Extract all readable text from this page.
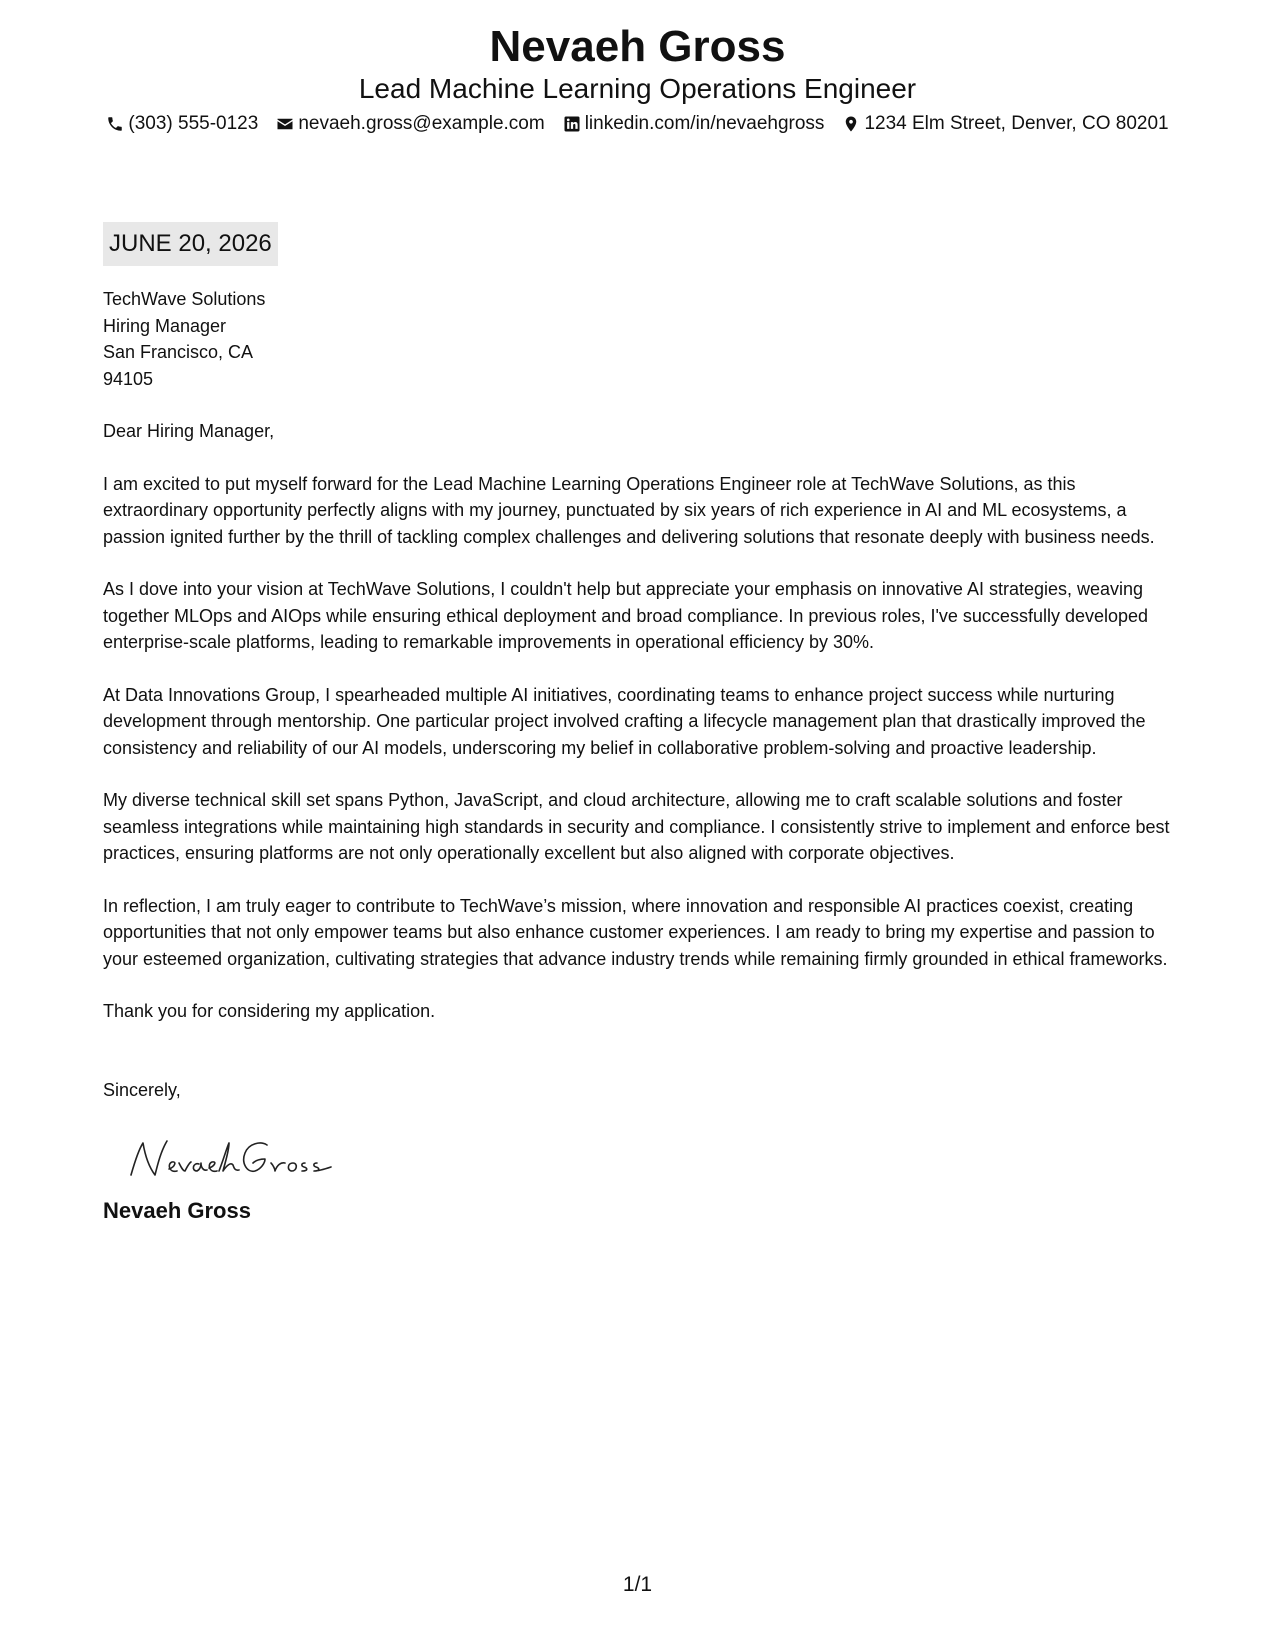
Nevaeh Gross
Lead Machine Learning Operations Engineer
(303) 555-0123 nevaeh.gross@example.com linkedin.com/in/nevaehgross 1234 Elm Street, Denver, CO 80201
JUNE 20, 2026
TechWave Solutions
Hiring Manager
San Francisco, CA
94105
Dear Hiring Manager,

I am excited to put myself forward for the Lead Machine Learning Operations Engineer role at TechWave Solutions, as this extraordinary opportunity perfectly aligns with my journey, punctuated by six years of rich experience in AI and ML ecosystems, a passion ignited further by the thrill of tackling complex challenges and delivering solutions that resonate deeply with business needs.

As I dove into your vision at TechWave Solutions, I couldn't help but appreciate your emphasis on innovative AI strategies, weaving together MLOps and AIOps while ensuring ethical deployment and broad compliance. In previous roles, I've successfully developed enterprise-scale platforms, leading to remarkable improvements in operational efficiency by 30%.

At Data Innovations Group, I spearheaded multiple AI initiatives, coordinating teams to enhance project success while nurturing development through mentorship. One particular project involved crafting a lifecycle management plan that drastically improved the consistency and reliability of our AI models, underscoring my belief in collaborative problem-solving and proactive leadership.

My diverse technical skill set spans Python, JavaScript, and cloud architecture, allowing me to craft scalable solutions and foster seamless integrations while maintaining high standards in security and compliance. I consistently strive to implement and enforce best practices, ensuring platforms are not only operationally excellent but also aligned with corporate objectives.

In reflection, I am truly eager to contribute to TechWave’s mission, where innovation and responsible AI practices coexist, creating opportunities that not only empower teams but also enhance customer experiences. I am ready to bring my expertise and passion to your esteemed organization, cultivating strategies that advance industry trends while remaining firmly grounded in ethical frameworks.

Thank you for considering my application.
Sincerely,
Nevaeh Gross
1/1
